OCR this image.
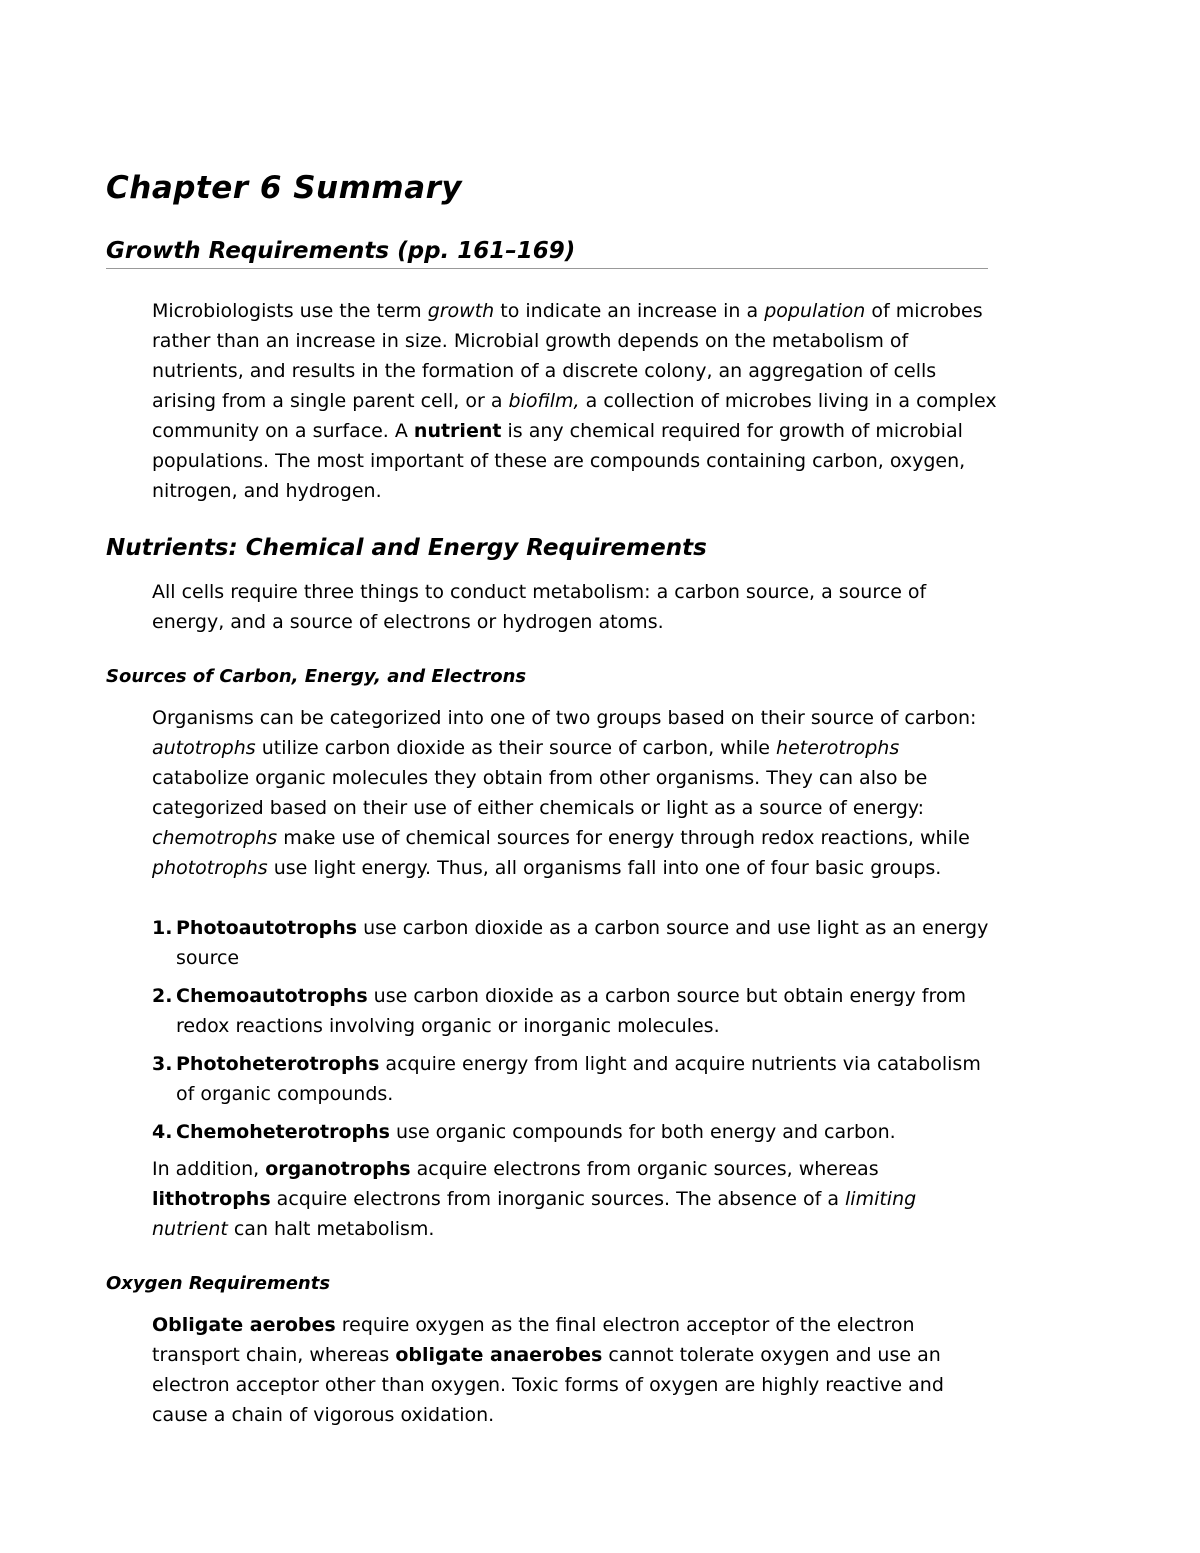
Chapter 6 Summary
Growth Requirements (pp. 161–169)

Microbiologists use the term growth to indicate an increase in a population of microbes rather than an increase in size. Microbial growth depends on the metabolism of nutrients, and results in the formation of a discrete colony, an aggregation of cells arising from a single parent cell, or a biofilm, a collection of microbes living in a complex community on a surface. A nutrient is any chemical required for growth of microbial populations. The most important of these are compounds containing carbon, oxygen, nitrogen, and hydrogen.

Nutrients: Chemical and Energy Requirements

All cells require three things to conduct metabolism: a carbon source, a source of energy, and a source of electrons or hydrogen atoms.

Sources of Carbon, Energy, and Electrons

Organisms can be categorized into one of two groups based on their source of carbon: autotrophs utilize carbon dioxide as their source of carbon, while heterotrophs catabolize organic molecules they obtain from other organisms. They can also be categorized based on their use of either chemicals or light as a source of energy: chemotrophs make use of chemical sources for energy through redox reactions, while phototrophs use light energy. Thus, all organisms fall into one of four basic groups.

1. Photoautotrophs use carbon dioxide as a carbon source and use light as an energy source
2. Chemoautotrophs use carbon dioxide as a carbon source but obtain energy from redox reactions involving organic or inorganic molecules.
3. Photoheterotrophs acquire energy from light and acquire nutrients via catabolism of organic compounds.
4. Chemoheterotrophs use organic compounds for both energy and carbon.

In addition, organotrophs acquire electrons from organic sources, whereas lithotrophs acquire electrons from inorganic sources. The absence of a limiting nutrient can halt metabolism.

Oxygen Requirements

Obligate aerobes require oxygen as the final electron acceptor of the electron transport chain, whereas obligate anaerobes cannot tolerate oxygen and use an electron acceptor other than oxygen. Toxic forms of oxygen are highly reactive and cause a chain of vigorous oxidation.
